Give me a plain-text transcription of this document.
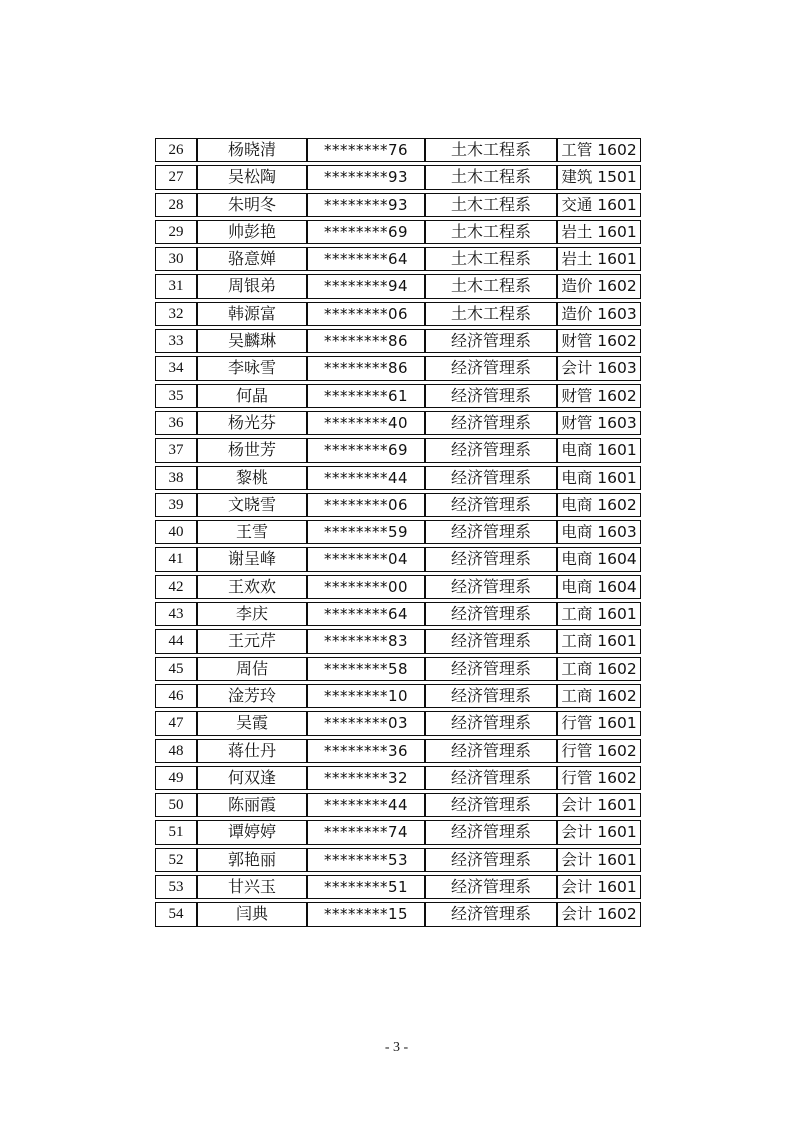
26	杨晓清	********76	土木工程系	工管 1602
27	吴松陶	********93	土木工程系	建筑 1501
28	朱明冬	********93	土木工程系	交通 1601
29	帅彭艳	********69	土木工程系	岩土 1601
30	骆意婵	********64	土木工程系	岩土 1601
31	周银弟	********94	土木工程系	造价 1602
32	韩源富	********06	土木工程系	造价 1603
33	吴麟琳	********86	经济管理系	财管 1602
34	李咏雪	********86	经济管理系	会计 1603
35	何晶	********61	经济管理系	财管 1602
36	杨光芬	********40	经济管理系	财管 1603
37	杨世芳	********69	经济管理系	电商 1601
38	黎桃	********44	经济管理系	电商 1601
39	文晓雪	********06	经济管理系	电商 1602
40	王雪	********59	经济管理系	电商 1603
41	谢呈峰	********04	经济管理系	电商 1604
42	王欢欢	********00	经济管理系	电商 1604
43	李庆	********64	经济管理系	工商 1601
44	王元芹	********83	经济管理系	工商 1601
45	周佶	********58	经济管理系	工商 1602
46	淦芳玲	********10	经济管理系	工商 1602
47	吴霞	********03	经济管理系	行管 1601
48	蒋仕丹	********36	经济管理系	行管 1602
49	何双逢	********32	经济管理系	行管 1602
50	陈丽霞	********44	经济管理系	会计 1601
51	谭婷婷	********74	经济管理系	会计 1601
52	郭艳丽	********53	经济管理系	会计 1601
53	甘兴玉	********51	经济管理系	会计 1601
54	闫典	********15	经济管理系	会计 1602
- 3 -
